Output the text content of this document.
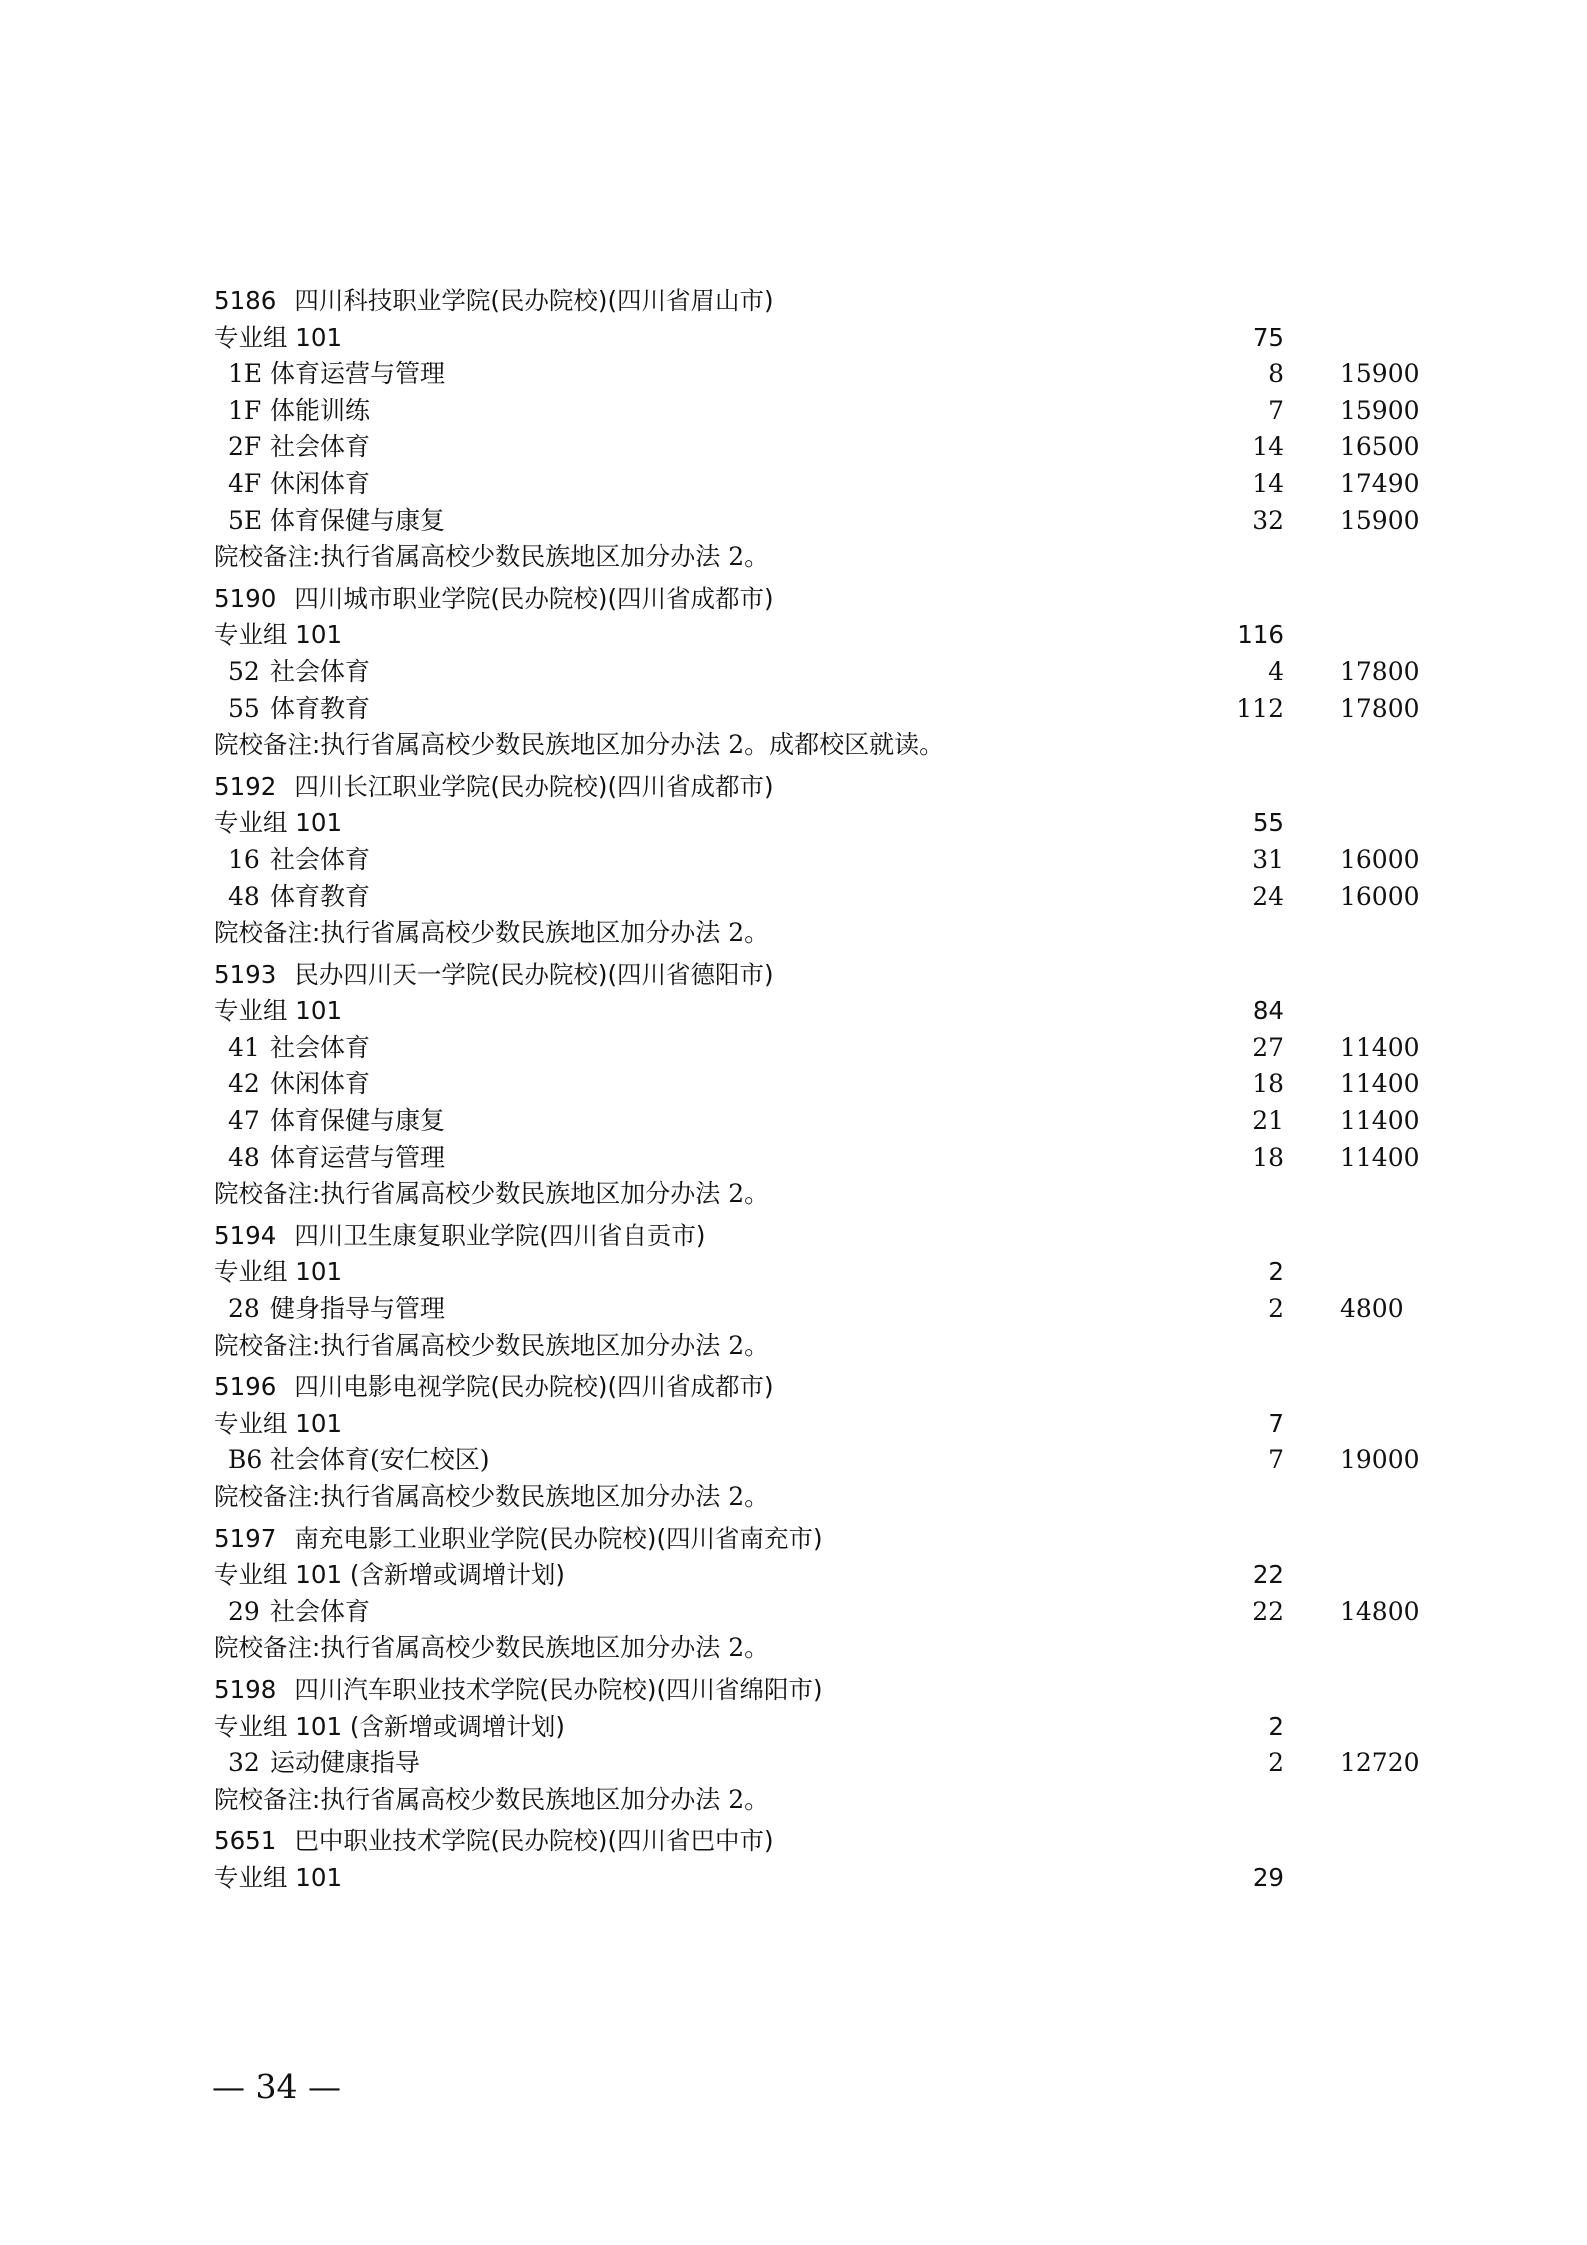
5186 四川科技职业学院(民办院校)(四川省眉山市)
专业组 101	75
1E 体育运营与管理	8 15900
1F 体能训练	7 15900
2F 社会体育	14 16500
4F 休闲体育	14 17490
5E 体育保健与康复	32 15900
院校备注:执行省属高校少数民族地区加分办法 2。
5190 四川城市职业学院(民办院校)(四川省成都市)
专业组 101	116
52 社会体育	4 17800
55 体育教育	112 17800
院校备注:执行省属高校少数民族地区加分办法 2。成都校区就读。
5192 四川长江职业学院(民办院校)(四川省成都市)
专业组 101	55
16 社会体育	31 16000
48 体育教育	24 16000
院校备注:执行省属高校少数民族地区加分办法 2。
5193 民办四川天一学院(民办院校)(四川省德阳市)
专业组 101	84
41 社会体育	27 11400
42 休闲体育	18 11400
47 体育保健与康复	21 11400
48 体育运营与管理	18 11400
院校备注:执行省属高校少数民族地区加分办法 2。
5194 四川卫生康复职业学院(四川省自贡市)
专业组 101	2
28 健身指导与管理	2 4800
院校备注:执行省属高校少数民族地区加分办法 2。
5196 四川电影电视学院(民办院校)(四川省成都市)
专业组 101	7
B6 社会体育(安仁校区)	7 19000
院校备注:执行省属高校少数民族地区加分办法 2。
5197 南充电影工业职业学院(民办院校)(四川省南充市)
专业组 101 (含新增或调增计划)	22
29 社会体育	22 14800
院校备注:执行省属高校少数民族地区加分办法 2。
5198 四川汽车职业技术学院(民办院校)(四川省绵阳市)
专业组 101 (含新增或调增计划)	2
32 运动健康指导	2 12720
院校备注:执行省属高校少数民族地区加分办法 2。
5651 巴中职业技术学院(民办院校)(四川省巴中市)
专业组 101	29
— 34 —
